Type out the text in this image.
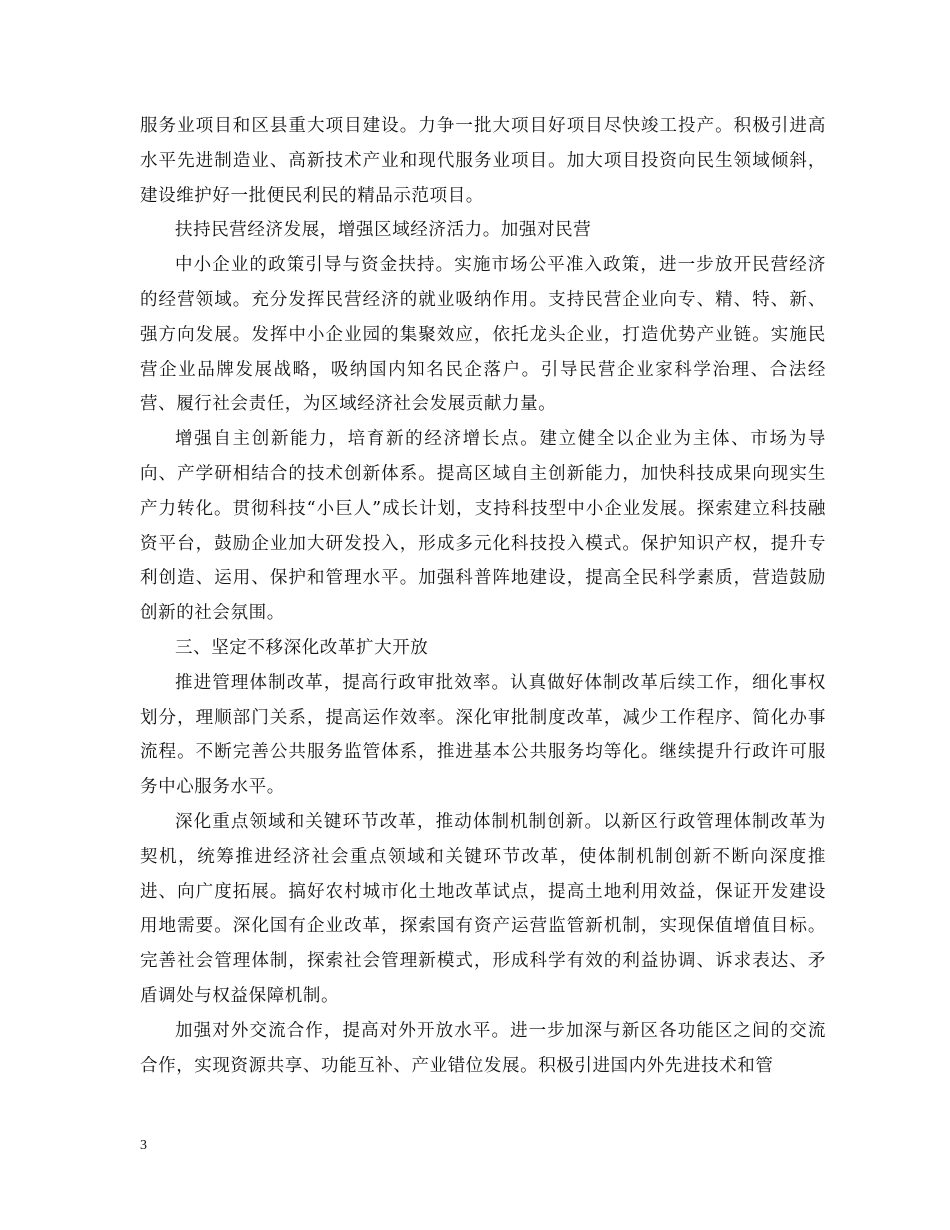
服务业项目和区县重大项目建设。力争一批大项目好项目尽快竣工投产。积极引进高水平先进制造业、高新技术产业和现代服务业项目。加大项目投资向民生领域倾斜，建设维护好一批便民利民的精品示范项目。

扶持民营经济发展，增强区域经济活力。加强对民营

中小企业的政策引导与资金扶持。实施市场公平准入政策，进一步放开民营经济的经营领域。充分发挥民营经济的就业吸纳作用。支持民营企业向专、精、特、新、强方向发展。发挥中小企业园的集聚效应，依托龙头企业，打造优势产业链。实施民营企业品牌发展战略，吸纳国内知名民企落户。引导民营企业家科学治理、合法经营、履行社会责任，为区域经济社会发展贡献力量。

增强自主创新能力，培育新的经济增长点。建立健全以企业为主体、市场为导向、产学研相结合的技术创新体系。提高区域自主创新能力，加快科技成果向现实生产力转化。贯彻科技“小巨人”成长计划，支持科技型中小企业发展。探索建立科技融资平台，鼓励企业加大研发投入，形成多元化科技投入模式。保护知识产权，提升专利创造、运用、保护和管理水平。加强科普阵地建设，提高全民科学素质，营造鼓励创新的社会氛围。

三、坚定不移深化改革扩大开放

推进管理体制改革，提高行政审批效率。认真做好体制改革后续工作，细化事权划分，理顺部门关系，提高运作效率。深化审批制度改革，减少工作程序、简化办事流程。不断完善公共服务监管体系，推进基本公共服务均等化。继续提升行政许可服务中心服务水平。

深化重点领域和关键环节改革，推动体制机制创新。以新区行政管理体制改革为契机，统筹推进经济社会重点领域和关键环节改革，使体制机制创新不断向深度推进、向广度拓展。搞好农村城市化土地改革试点，提高土地利用效益，保证开发建设用地需要。深化国有企业改革，探索国有资产运营监管新机制，实现保值增值目标。完善社会管理体制，探索社会管理新模式，形成科学有效的利益协调、诉求表达、矛盾调处与权益保障机制。

加强对外交流合作，提高对外开放水平。进一步加深与新区各功能区之间的交流合作，实现资源共享、功能互补、产业错位发展。积极引进国内外先进技术和管

3
